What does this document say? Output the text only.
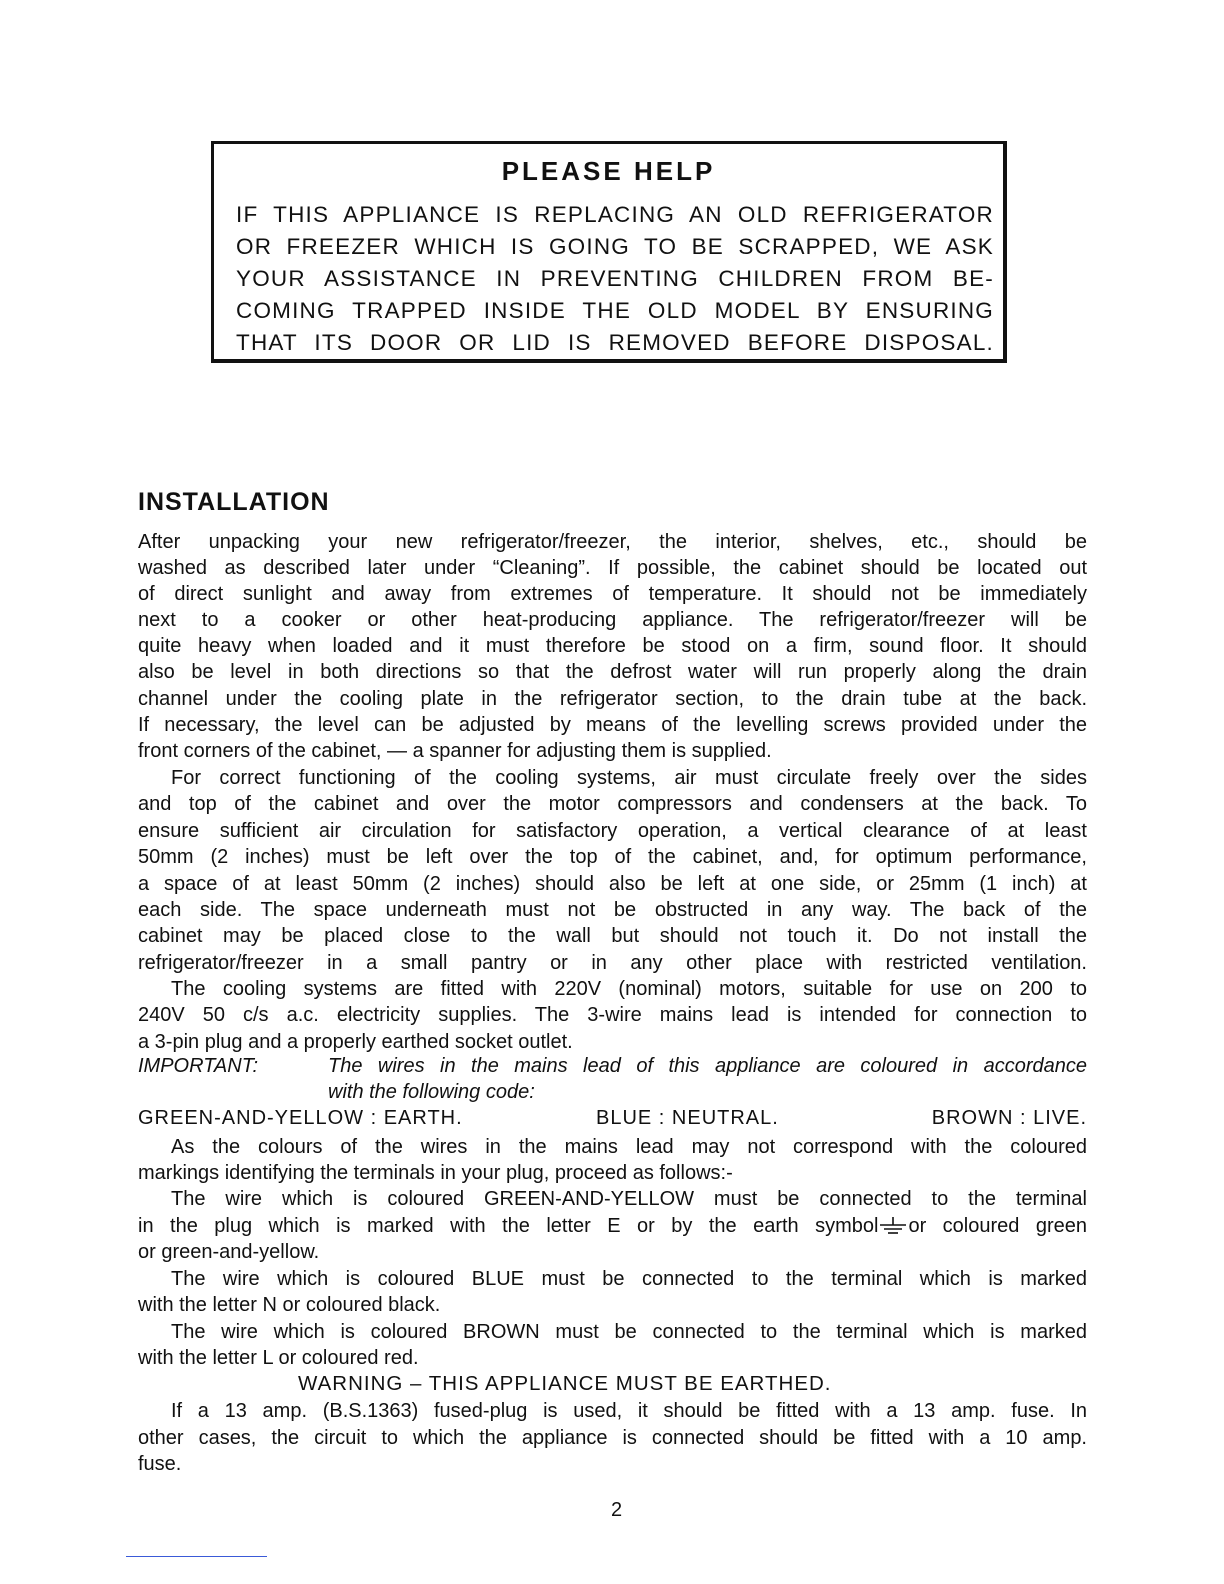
PLEASE HELP
IF THIS APPLIANCE IS REPLACING AN OLD REFRIGERATOR
OR FREEZER WHICH IS GOING TO BE SCRAPPED, WE ASK
YOUR ASSISTANCE IN PREVENTING CHILDREN FROM BE-
COMING TRAPPED INSIDE THE OLD MODEL BY ENSURING
THAT ITS DOOR OR LID IS REMOVED BEFORE DISPOSAL.
INSTALLATION
After unpacking your new refrigerator/freezer, the interior, shelves, etc., should be
washed as described later under “Cleaning”. If possible, the cabinet should be located out
of direct sunlight and away from extremes of temperature. It should not be immediately
next to a cooker or other heat-producing appliance. The refrigerator/freezer will be
quite heavy when loaded and it must therefore be stood on a firm, sound floor. It should
also be level in both directions so that the defrost water will run properly along the drain
channel under the cooling plate in the refrigerator section, to the drain tube at the back.
If necessary, the level can be adjusted by means of the levelling screws provided under the
front corners of the cabinet, — a spanner for adjusting them is supplied.
For correct functioning of the cooling systems, air must circulate freely over the sides
and top of the cabinet and over the motor compressors and condensers at the back. To
ensure sufficient air circulation for satisfactory operation, a vertical clearance of at least
50mm (2 inches) must be left over the top of the cabinet, and, for optimum performance,
a space of at least 50mm (2 inches) should also be left at one side, or 25mm (1 inch) at
each side. The space underneath must not be obstructed in any way. The back of the
cabinet may be placed close to the wall but should not touch it. Do not install the
refrigerator/freezer in a small pantry or in any other place with restricted ventilation.
The cooling systems are fitted with 220V (nominal) motors, suitable for use on 200 to
240V 50 c/s a.c. electricity supplies. The 3-wire mains lead is intended for connection to
a 3-pin plug and a properly earthed socket outlet.
IMPORTANT:	The wires in the mains lead of this appliance are coloured in accordance
with the following code:
GREEN-AND-YELLOW : EARTH.	BLUE : NEUTRAL.	BROWN : LIVE.
As the colours of the wires in the mains lead may not correspond with the coloured
markings identifying the terminals in your plug, proceed as follows:-
The wire which is coloured GREEN-AND-YELLOW must be connected to the terminal
in the plug which is marked with the letter E or by the earth symbol or coloured green
or green-and-yellow.
The wire which is coloured BLUE must be connected to the terminal which is marked
with the letter N or coloured black.
The wire which is coloured BROWN must be connected to the terminal which is marked
with the letter L or coloured red.
WARNING – THIS APPLIANCE MUST BE EARTHED.
If a 13 amp. (B.S.1363) fused-plug is used, it should be fitted with a 13 amp. fuse. In
other cases, the circuit to which the appliance is connected should be fitted with a 10 amp.
fuse.
2
